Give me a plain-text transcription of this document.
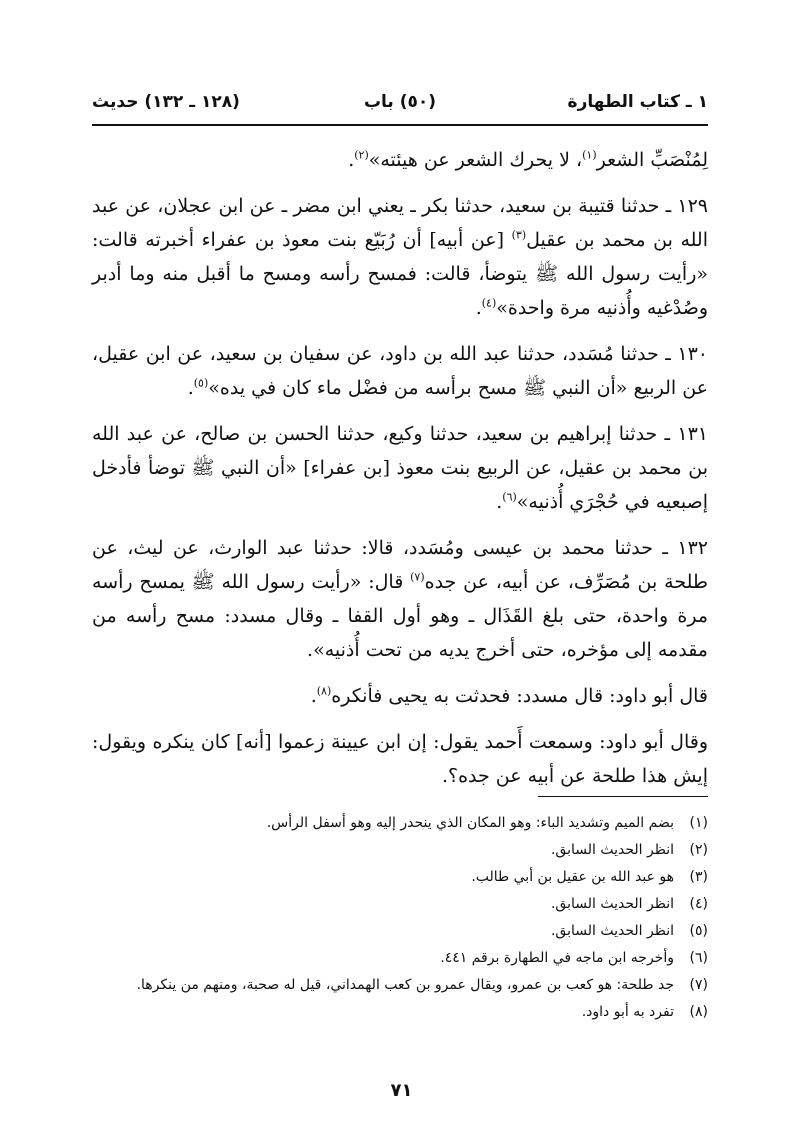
١ ـ كتاب الطهارة
(٥٠) باب
(١٢٨ ـ ١٣٢) حديث

لِمُنْصَبِّ الشعر$^{(١)}$، لا يحرك الشعر عن هيئته»$^{(٢)}$.

١٢٩ ـ حدثنا قتيبة بن سعيد، حدثنا بكر ـ يعني ابن مضر ـ عن ابن عجلان، عن عبد الله بن محمد بن عقيل$^{(٣)}$ [عن أبيه] أن رُبَيّع بنت معوذ بن عفراء أخبرته قالت: «رأيت رسول الله ﷺ يتوضأ، قالت: فمسح رأسه ومسح ما أقبل منه وما أدبر وصُدْغيه وأُذنيه مرة واحدة»$^{(٤)}$.

١٣٠ ـ حدثنا مُسَدد، حدثنا عبد الله بن داود، عن سفيان بن سعيد، عن ابن عقيل، عن الربيع «أن النبي ﷺ مسح برأسه من فضْل ماء كان في يده»$^{(٥)}$.

١٣١ ـ حدثنا إبراهيم بن سعيد، حدثنا وكيع، حدثنا الحسن بن صالح، عن عبد الله بن محمد بن عقيل، عن الربيع بنت معوذ [بن عفراء] «أن النبي ﷺ توضأ فأدخل إصبعيه في حُجْرَي أُذنيه»$^{(٦)}$.

١٣٢ ـ حدثنا محمد بن عيسى ومُسَدد، قالا: حدثنا عبد الوارث، عن ليث، عن طلحة بن مُصَرِّف، عن أبيه، عن جده$^{(٧)}$ قال: «رأيت رسول الله ﷺ يمسح رأسه مرة واحدة، حتى بلغ القَذَال ـ وهو أول القفا ـ وقال مسدد: مسح رأسه من مقدمه إلى مؤخره، حتى أخرج يديه من تحت أُذنيه».

قال أبو داود: قال مسدد: فحدثت به يحيى فأنكره$^{(٨)}$.

وقال أبو داود: وسمعت أَحمد يقول: إن ابن عيينة زعموا [أنه] كان ينكره ويقول: إيش هذا طلحة عن أبيه عن جده؟.

(١)
بضم الميم وتشديد الباء: وهو المكان الذي ينحدر إليه وهو أسفل الرأس.
(٢)
انظر الحديث السابق.
(٣)
هو عبد الله بن عقيل بن أبي طالب.
(٤)
انظر الحديث السابق.
(٥)
انظر الحديث السابق.
(٦)
وأخرجه ابن ماجه في الطهارة برقم ٤٤١.
(٧)
جد طلحة: هو كعب بن عمرو، ويقال عمرو بن كعب الهمداني، قيل له صحبة، ومنهم من ينكرها.
(٨)
تفرد به أبو داود.
٧١
